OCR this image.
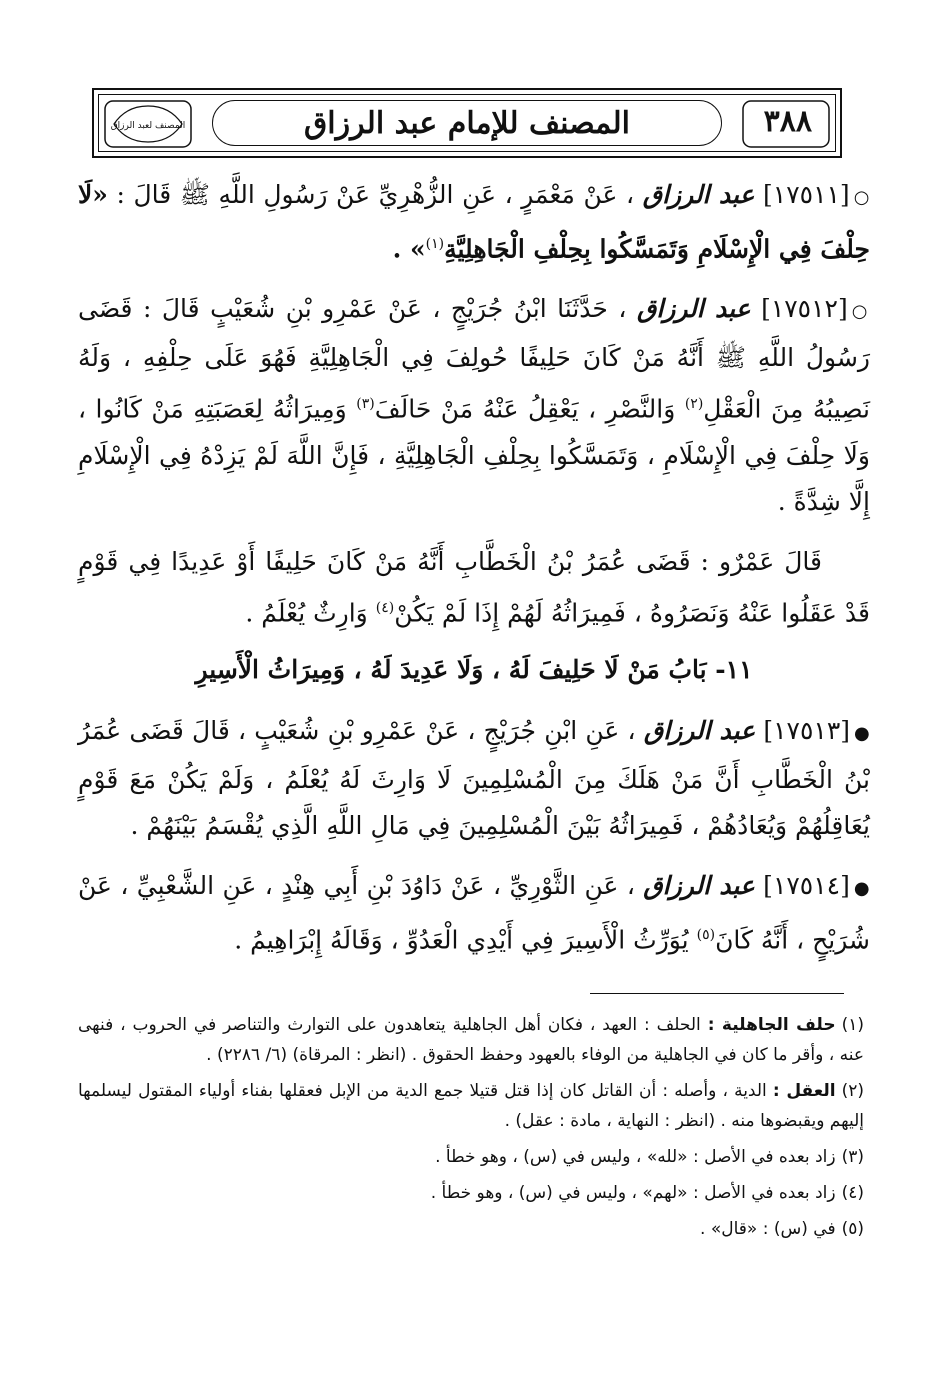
المصنف لعبد الرزاق	٣٨٨
المصنف للإمام عبد الرزاق

○[١٧٥١١] عبد الرزاق ، عَنْ مَعْمَرٍ ، عَنِ الزُّهْرِيِّ عَنْ رَسُولِ اللَّهِ ﷺ قَالَ : «لَا حِلْفَ فِي الْإِسْلَامِ وَتَمَسَّكُوا بِحِلْفِ الْجَاهِلِيَّةِ$^{(١)}$» .

○[١٧٥١٢] عبد الرزاق ، حَدَّثَنَا ابْنُ جُرَيْجٍ ، عَنْ عَمْرِو بْنِ شُعَيْبٍ قَالَ : قَضَى رَسُولُ اللَّهِ ﷺ أَنَّهُ مَنْ كَانَ حَلِيفًا حُولِفَ فِي الْجَاهِلِيَّةِ فَهُوَ عَلَى حِلْفِهِ ، وَلَهُ نَصِيبُهُ مِنَ الْعَقْلِ$^{(٢)}$ وَالنَّصْرِ ، يَعْقِلُ عَنْهُ مَنْ حَالَفَ$^{(٣)}$ وَمِيرَاثُهُ لِعَصَبَتِهِ مَنْ كَانُوا ، وَلَا حِلْفَ فِي الْإِسْلَامِ ، وَتَمَسَّكُوا بِحِلْفِ الْجَاهِلِيَّةِ ، فَإِنَّ اللَّهَ لَمْ يَزِدْهُ فِي الْإِسْلَامِ إِلَّا شِدَّةً .

قَالَ عَمْرٌو : قَضَى عُمَرُ بْنُ الْخَطَّابِ أَنَّهُ مَنْ كَانَ حَلِيفًا أَوْ عَدِيدًا فِي قَوْمٍ قَدْ عَقَلُوا عَنْهُ وَنَصَرُوهُ ، فَمِيرَاثُهُ لَهُمْ إِذَا لَمْ يَكُنْ$^{(٤)}$ وَارِثٌ يُعْلَمُ .

١١- بَابُ مَنْ لَا حَلِيفَ لَهُ ، وَلَا عَدِيدَ لَهُ ، وَمِيرَاثُ الْأَسِيرِ

●[١٧٥١٣] عبد الرزاق ، عَنِ ابْنِ جُرَيْجٍ ، عَنْ عَمْرِو بْنِ شُعَيْبٍ ، قَالَ قَضَى عُمَرُ بْنُ الْخَطَّابِ أَنَّ مَنْ هَلَكَ مِنَ الْمُسْلِمِينَ لَا وَارِثَ لَهُ يُعْلَمُ ، وَلَمْ يَكُنْ مَعَ قَوْمٍ يُعَاقِلُهُمْ وَيُعَادُهُمْ ، فَمِيرَاثُهُ بَيْنَ الْمُسْلِمِينَ فِي مَالِ اللَّهِ الَّذِي يُقْسَمُ بَيْنَهُمْ .

●[١٧٥١٤] عبد الرزاق ، عَنِ الثَّوْرِيِّ ، عَنْ دَاوُدَ بْنِ أَبِي هِنْدٍ ، عَنِ الشَّعْبِيِّ ، عَنْ شُرَيْحٍ ، أَنَّهُ كَانَ$^{(٥)}$ يُوَرِّثُ الْأَسِيرَ فِي أَيْدِي الْعَدُوِّ ، وَقَالَهُ إِبْرَاهِيمُ .

(١)حلف الجاهلية : الحلف : العهد ، فكان أهل الجاهلية يتعاهدون على التوارث والتناصر في الحروب ، فنهى عنه ، وأقر ما كان في الجاهلية من الوفاء بالعهود وحفظ الحقوق . (انظر : المرقاة) (٦/ ٢٢٨٦) .

(٢)العقل : الدية ، وأصله : أن القاتل كان إذا قتل قتيلا جمع الدية من الإبل فعقلها بفناء أولياء المقتول ليسلمها إليهم ويقبضوها منه . (انظر : النهاية ، مادة : عقل) .

(٣)زاد بعده في الأصل : «لله» ، وليس في (س) ، وهو خطأ .

(٤)زاد بعده في الأصل : «لهم» ، وليس في (س) ، وهو خطأ .

(٥)في (س) : «قال» .
